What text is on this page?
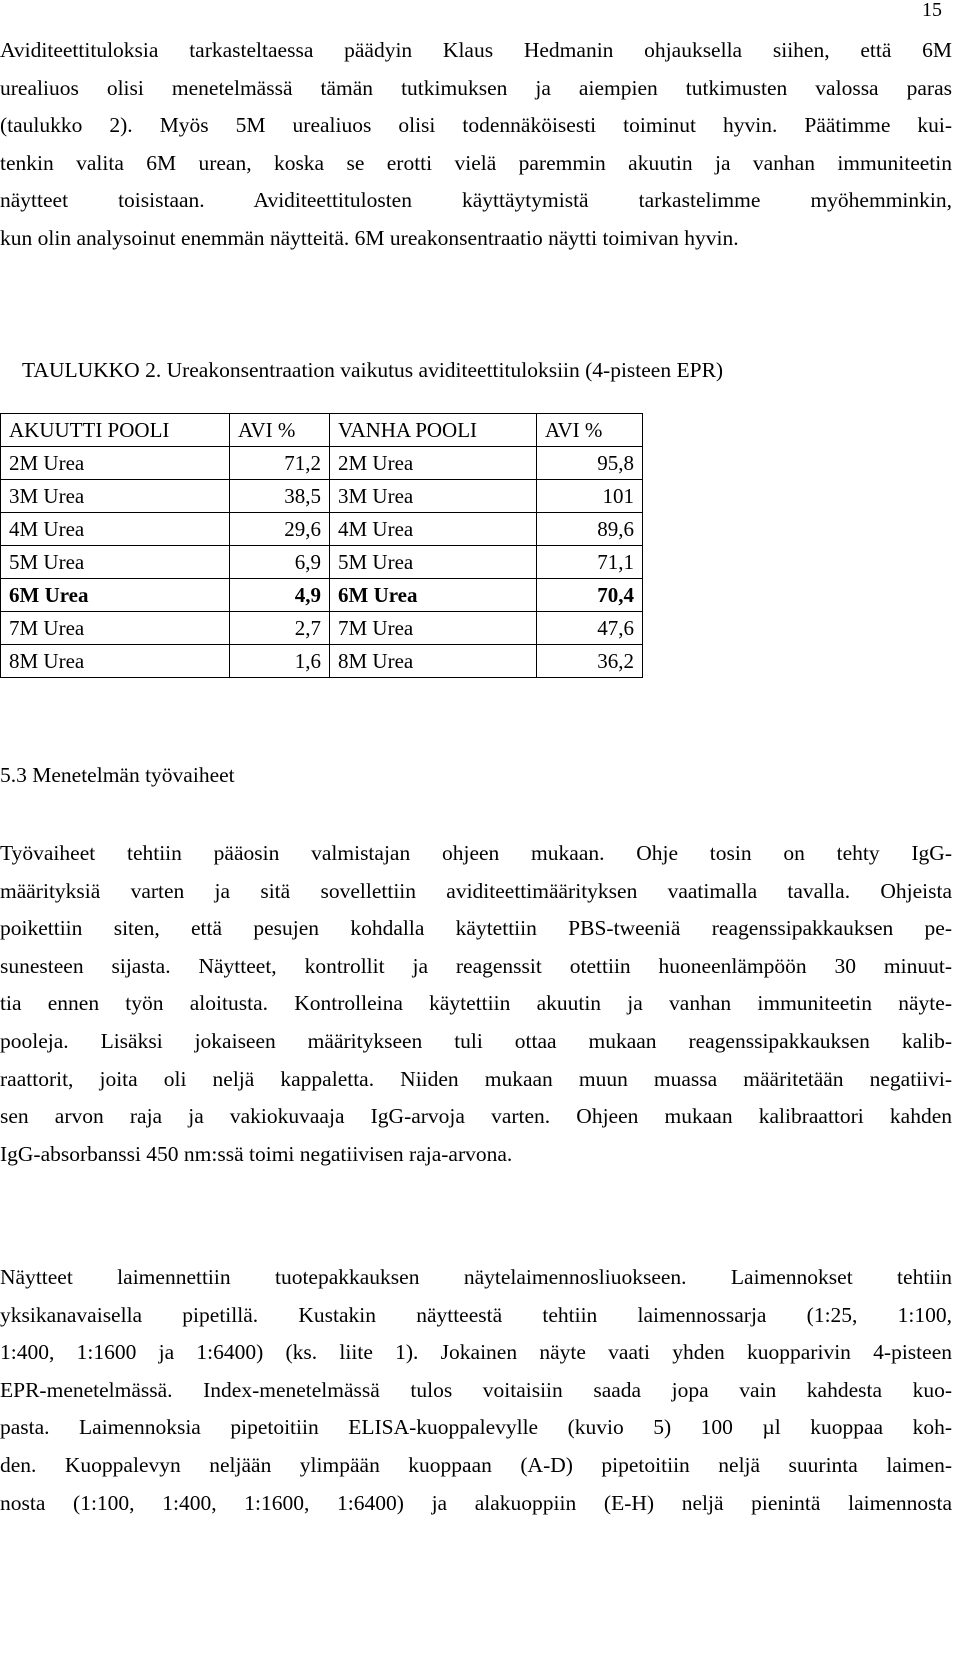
15
Aviditeettituloksia tarkasteltaessa päädyin Klaus Hedmanin ohjauksella siihen, että 6M
urealiuos olisi menetelmässä tämän tutkimuksen ja aiempien tutkimusten valossa paras
(taulukko 2). Myös 5M urealiuos olisi todennäköisesti toiminut hyvin. Päätimme kui-
tenkin valita 6M urean, koska se erotti vielä paremmin akuutin ja vanhan immuniteetin
näytteet toisistaan. Aviditeettitulosten käyttäytymistä tarkastelimme myöhemminkin,
kun olin analysoinut enemmän näytteitä. 6M ureakonsentraatio näytti toimivan hyvin.
TAULUKKO 2. Ureakonsentraation vaikutus aviditeettituloksiin (4-pisteen EPR)
AKUUTTI POOLI	AVI %	VANHA POOLI	AVI %
2M Urea	71,2	2M Urea	95,8
3M Urea	38,5	3M Urea	101
4M Urea	29,6	4M Urea	89,6
5M Urea	6,9	5M Urea	71,1
6M Urea	4,9	6M Urea	70,4
7M Urea	2,7	7M Urea	47,6
8M Urea	1,6	8M Urea	36,2
5.3 Menetelmän työvaiheet
Työvaiheet tehtiin pääosin valmistajan ohjeen mukaan. Ohje tosin on tehty IgG-
määrityksiä varten ja sitä sovellettiin aviditeettimäärityksen vaatimalla tavalla. Ohjeista
poikettiin siten, että pesujen kohdalla käytettiin PBS-tweeniä reagenssipakkauksen pe-
sunesteen sijasta. Näytteet, kontrollit ja reagenssit otettiin huoneenlämpöön 30 minuut-
tia ennen työn aloitusta. Kontrolleina käytettiin akuutin ja vanhan immuniteetin näyte-
pooleja. Lisäksi jokaiseen määritykseen tuli ottaa mukaan reagenssipakkauksen kalib-
raattorit, joita oli neljä kappaletta. Niiden mukaan muun muassa määritetään negatiivi-
sen arvon raja ja vakiokuvaaja IgG-arvoja varten. Ohjeen mukaan kalibraattori kahden
IgG-absorbanssi 450 nm:ssä toimi negatiivisen raja-arvona.
Näytteet laimennettiin tuotepakkauksen näytelaimennosliuokseen. Laimennokset tehtiin
yksikanavaisella pipetillä. Kustakin näytteestä tehtiin laimennossarja (1:25, 1:100,
1:400, 1:1600 ja 1:6400) (ks. liite 1). Jokainen näyte vaati yhden kuopparivin 4-pisteen
EPR-menetelmässä. Index-menetelmässä tulos voitaisiin saada jopa vain kahdesta kuo-
pasta. Laimennoksia pipetoitiin ELISA-kuoppalevylle (kuvio 5) 100 µl kuoppaa koh-
den. Kuoppalevyn neljään ylimpään kuoppaan (A-D) pipetoitiin neljä suurinta laimen-
nosta (1:100, 1:400, 1:1600, 1:6400) ja alakuoppiin (E-H) neljä pienintä laimennosta
